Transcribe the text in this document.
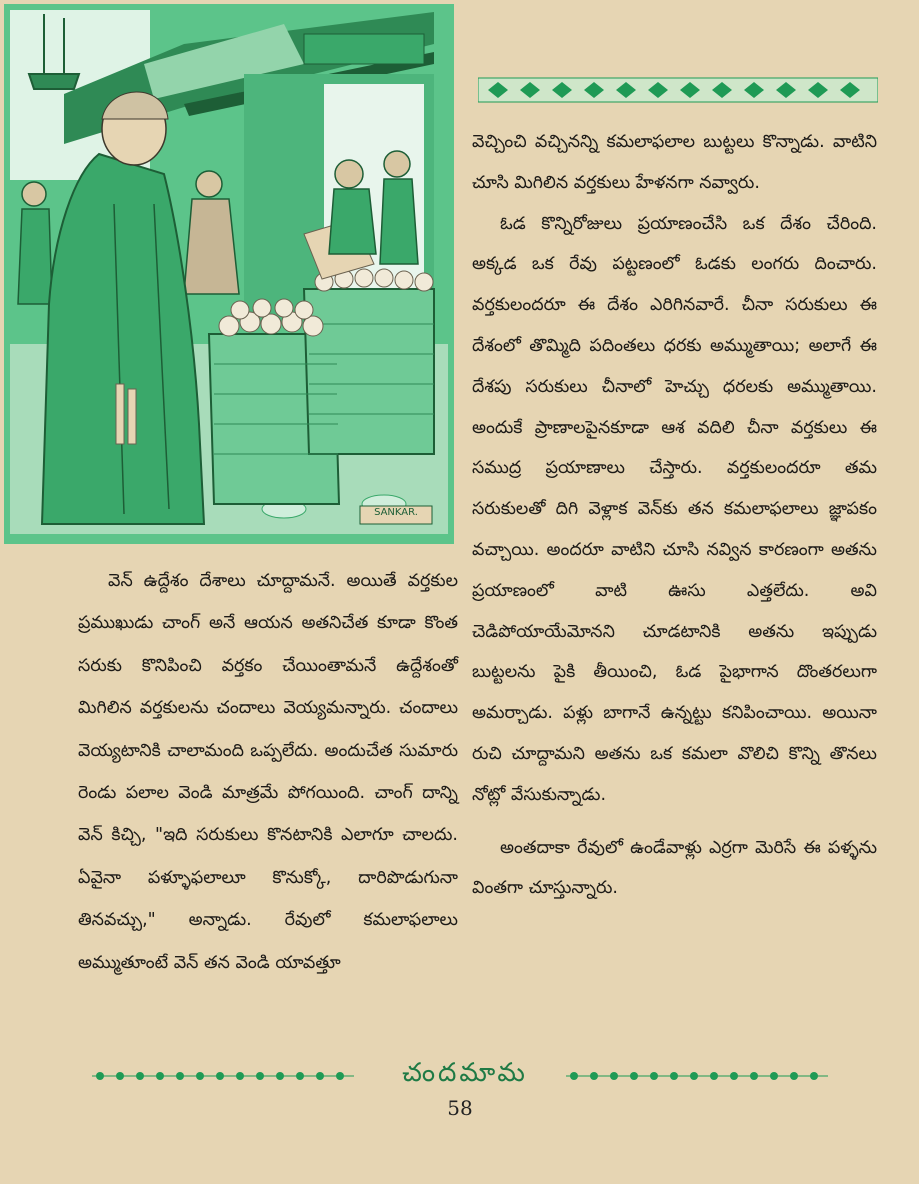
SANKAR.

వెచ్చించి వచ్చినన్ని కమలాఫలాల బుట్టలు కొన్నాడు. వాటిని చూసి మిగిలిన వర్తకులు హేళనగా నవ్వారు.

ఓడ కొన్నిరోజులు ప్రయాణంచేసి ఒక దేశం చేరింది. అక్కడ ఒక రేవు పట్టణంలో ఓడకు లంగరు దించారు. వర్తకులందరూ ఈ దేశం ఎరిగినవారే. చీనా సరుకులు ఈ దేశంలో తొమ్మిది పదింతలు ధరకు అమ్ముతాయి; అలాగే ఈ దేశపు సరుకులు చీనాలో హెచ్చు ధరలకు అమ్ముతాయి. అందుకే ప్రాణాలపైనకూడా ఆశ వదిలి చీనా వర్తకులు ఈ సముద్ర ప్రయాణాలు చేస్తారు. వర్తకులందరూ తమ సరుకులతో దిగి వెళ్లాక వెన్‌కు తన కమలాఫలాలు జ్ఞాపకం వచ్చాయి. అందరూ వాటిని చూసి నవ్విన కారణంగా అతను ప్రయాణంలో వాటి ఊసు ఎత్తలేదు. అవి చెడిపోయాయేమోనని చూడటానికి అతను ఇప్పుడు బుట్టలను పైకి తీయించి, ఓడ పైభాగాన దొంతరలుగా అమర్చాడు. పళ్లు బాగానే ఉన్నట్టు కనిపించాయి. అయినా రుచి చూద్దామని అతను ఒక కమలా వొలిచి కొన్ని తొనలు నోట్లో వేసుకున్నాడు.

అంతదాకా రేవులో ఉండేవాళ్లు ఎర్రగా మెరిసే ఈ పళ్ళను వింతగా చూస్తున్నారు.

వెన్ ఉద్దేశం దేశాలు చూద్దామనే. అయితే వర్తకుల ప్రముఖుడు చాంగ్ అనే ఆయన అతనిచేత కూడా కొంత సరుకు కొనిపించి వర్తకం చేయింతామనే ఉద్దేశంతో మిగిలిన వర్తకులను చందాలు వెయ్యమన్నారు. చందాలు వెయ్యటానికి చాలామంది ఒప్పలేదు. అందుచేత సుమారు రెండు పలాల వెండి మాత్రమే పోగయింది. చాంగ్ దాన్ని వెన్ కిచ్చి, "ఇది సరుకులు కొనటానికి ఎలాగూ చాలదు. ఏవైనా పళ్ళూఫలాలూ కొనుక్కో, దారిపొడుగునా తినవచ్చు," అన్నాడు. రేవులో కమలాఫలాలు అమ్ముతూంటే వెన్ తన వెండి యావత్తూ

చందమామ
58
